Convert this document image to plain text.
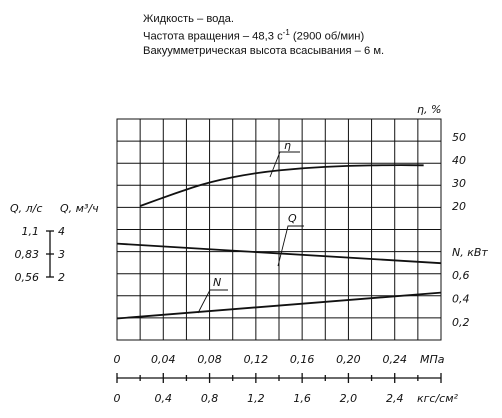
Жидкость – вода.
Частота вращения – 48,3 $с^{-1}$ (2900 об/мин)
Вакуумметрическая высота всасывания – 6 м.
η
Q
N
η, %
50
40
30
20
N, кВт
0,6
0,4
0,2
Q, л/с Q, м³/ч
1,1 4
0,83 3
0,56 2
0	0,04 0,08 0,12 0,16 0,20 0,24 МПа
0	0,4	0,8	1,2	1,6	2,0	2,4 кгс/см²
